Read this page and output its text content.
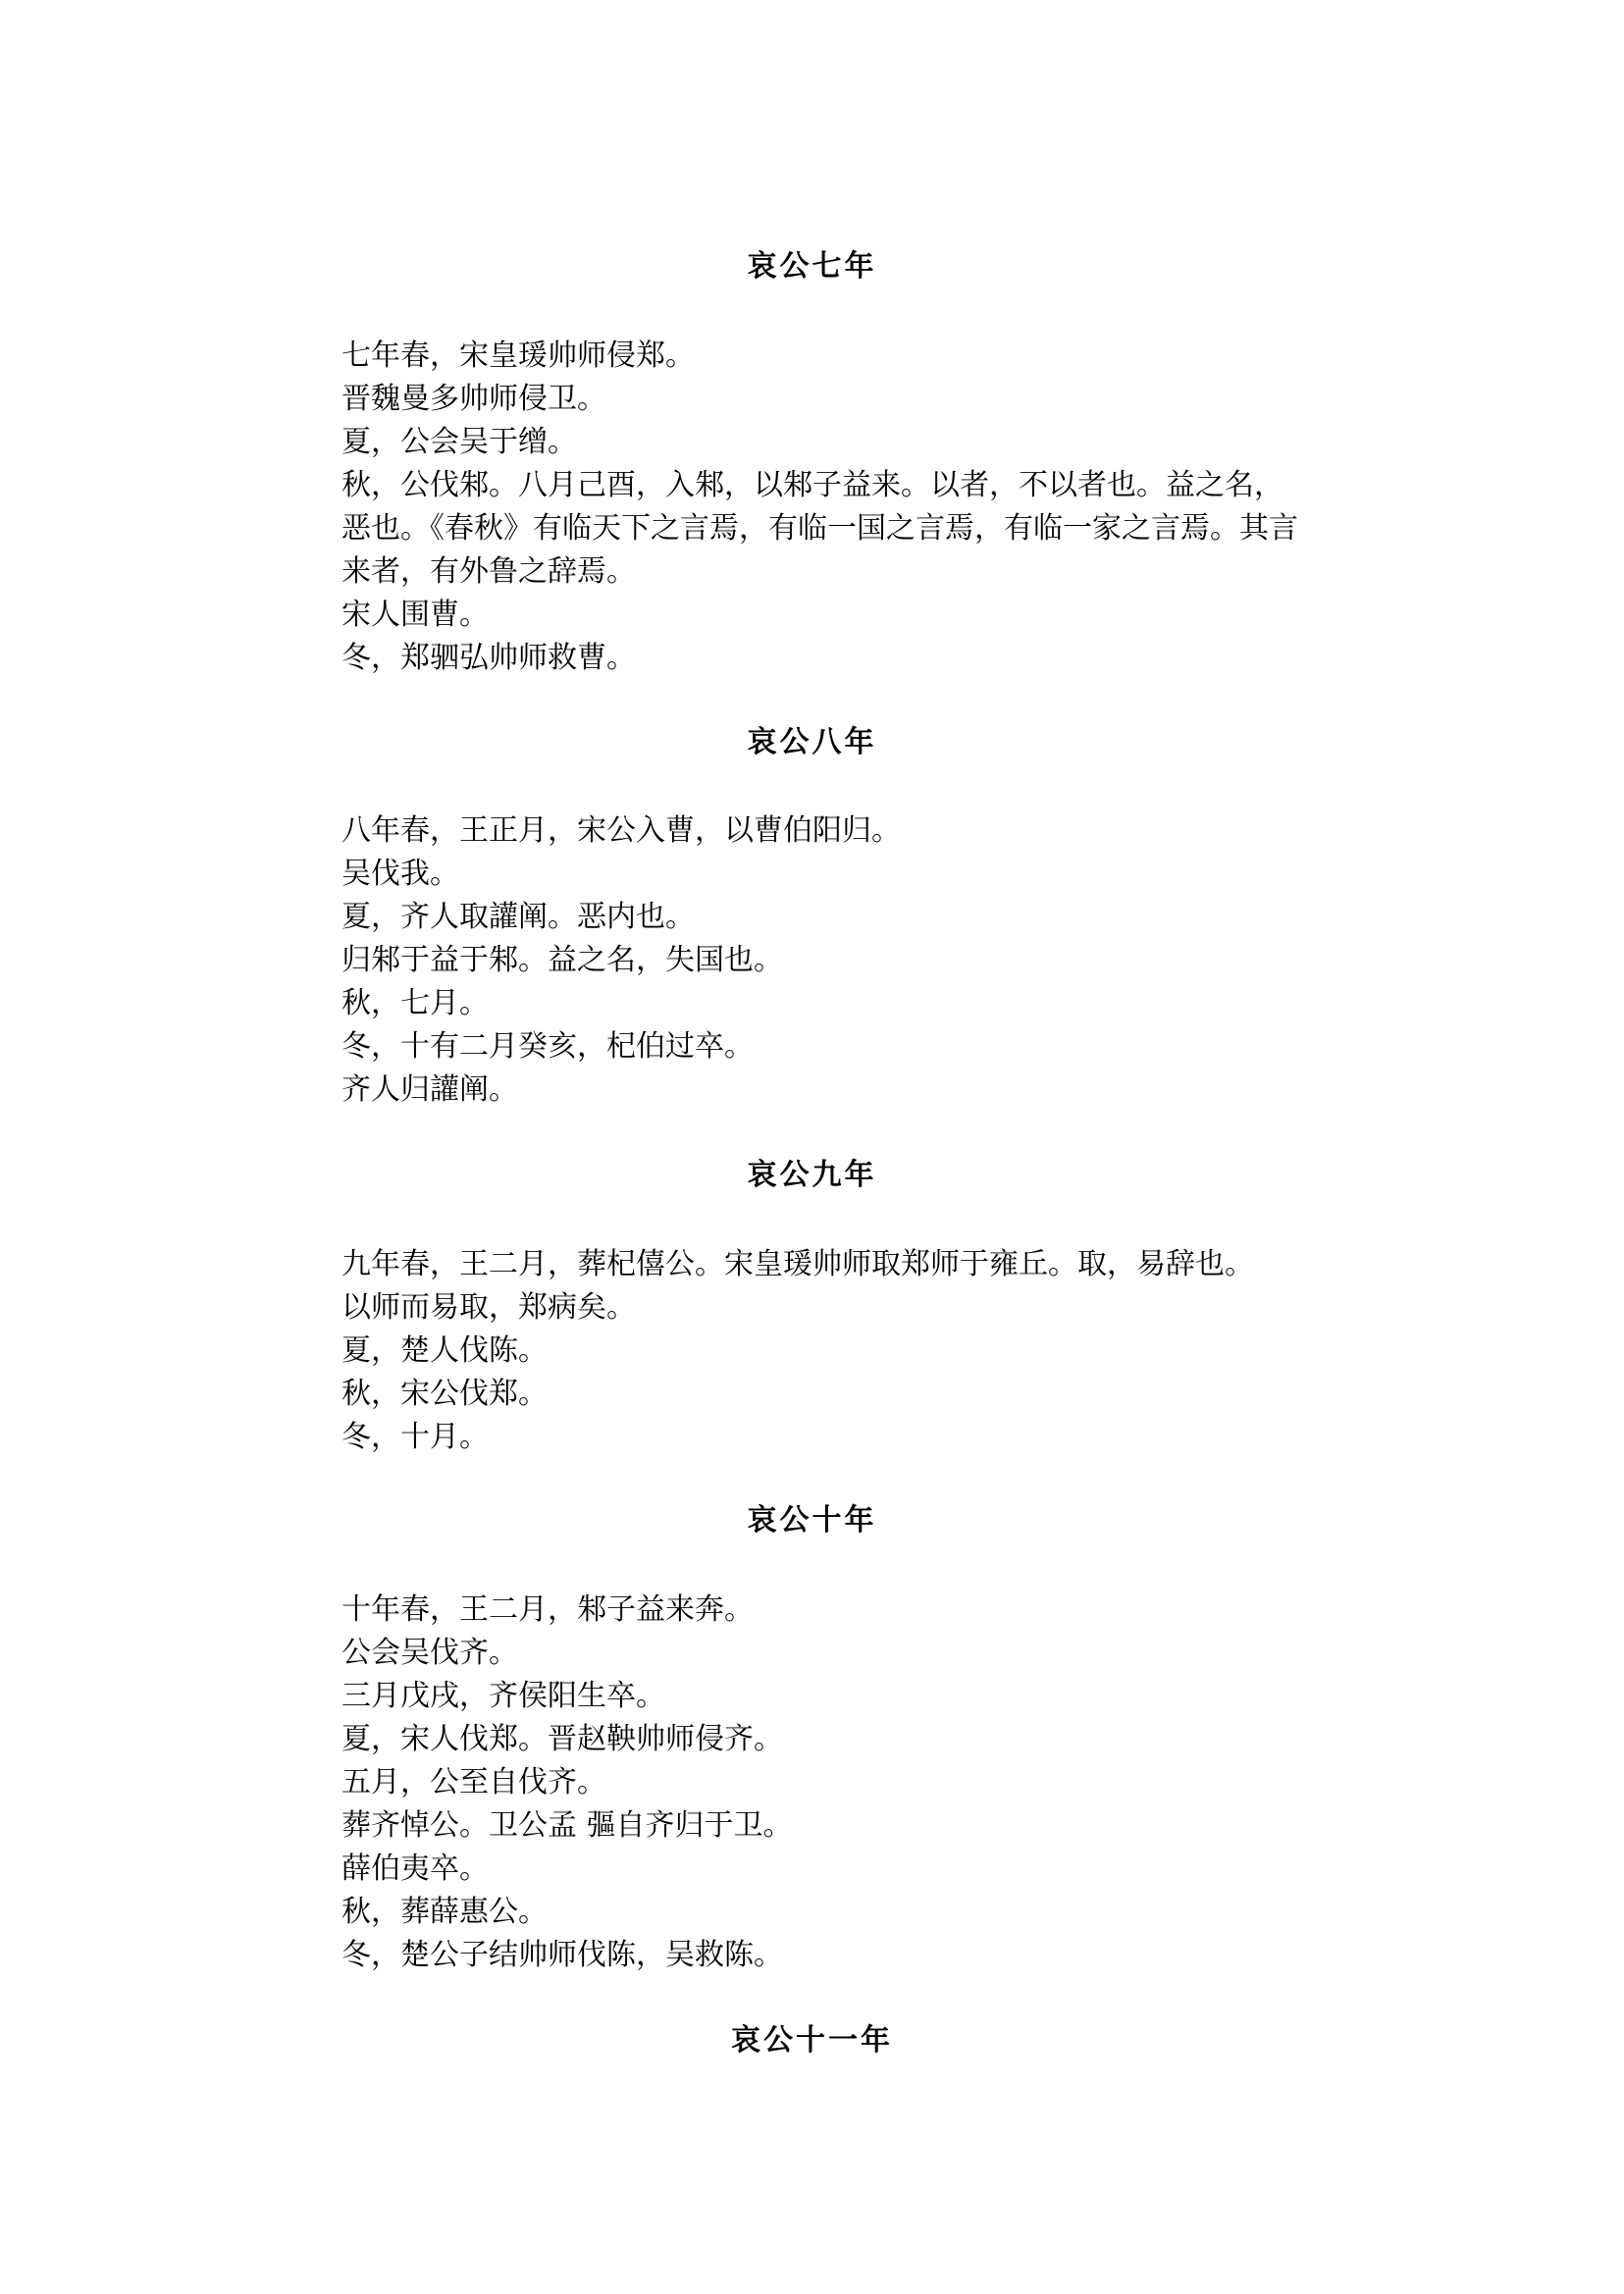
哀公七年
七年春，宋皇瑗帅师侵郑。
晋魏曼多帅师侵卫。
夏，公会吴于缯。
秋，公伐邾。八月己酉，入邾，以邾子益来。以者，不以者也。益之名，
恶也。《春秋》有临天下之言焉，有临一国之言焉，有临一家之言焉。其言
来者，有外鲁之辞焉。
宋人围曹。
冬，郑驷弘帅师救曹。
哀公八年
八年春，王正月，宋公入曹，以曹伯阳归。
吴伐我。
夏，齐人取讙阐。恶内也。
归邾于益于邾。益之名，失国也。
秋，七月。
冬，十有二月癸亥，杞伯过卒。
齐人归讙阐。
哀公九年
九年春，王二月，葬杞僖公。宋皇瑗帅师取郑师于雍丘。取，易辞也。
以师而易取，郑病矣。
夏，楚人伐陈。
秋，宋公伐郑。
冬，十月。
哀公十年
十年春，王二月，邾子益来奔。
公会吴伐齐。
三月戊戌，齐侯阳生卒。
夏，宋人伐郑。晋赵鞅帅师侵齐。
五月，公至自伐齐。
葬齐悼公。卫公孟 彄自齐归于卫。
薛伯夷卒。
秋，葬薛惠公。
冬，楚公子结帅师伐陈，吴救陈。
哀公十一年
